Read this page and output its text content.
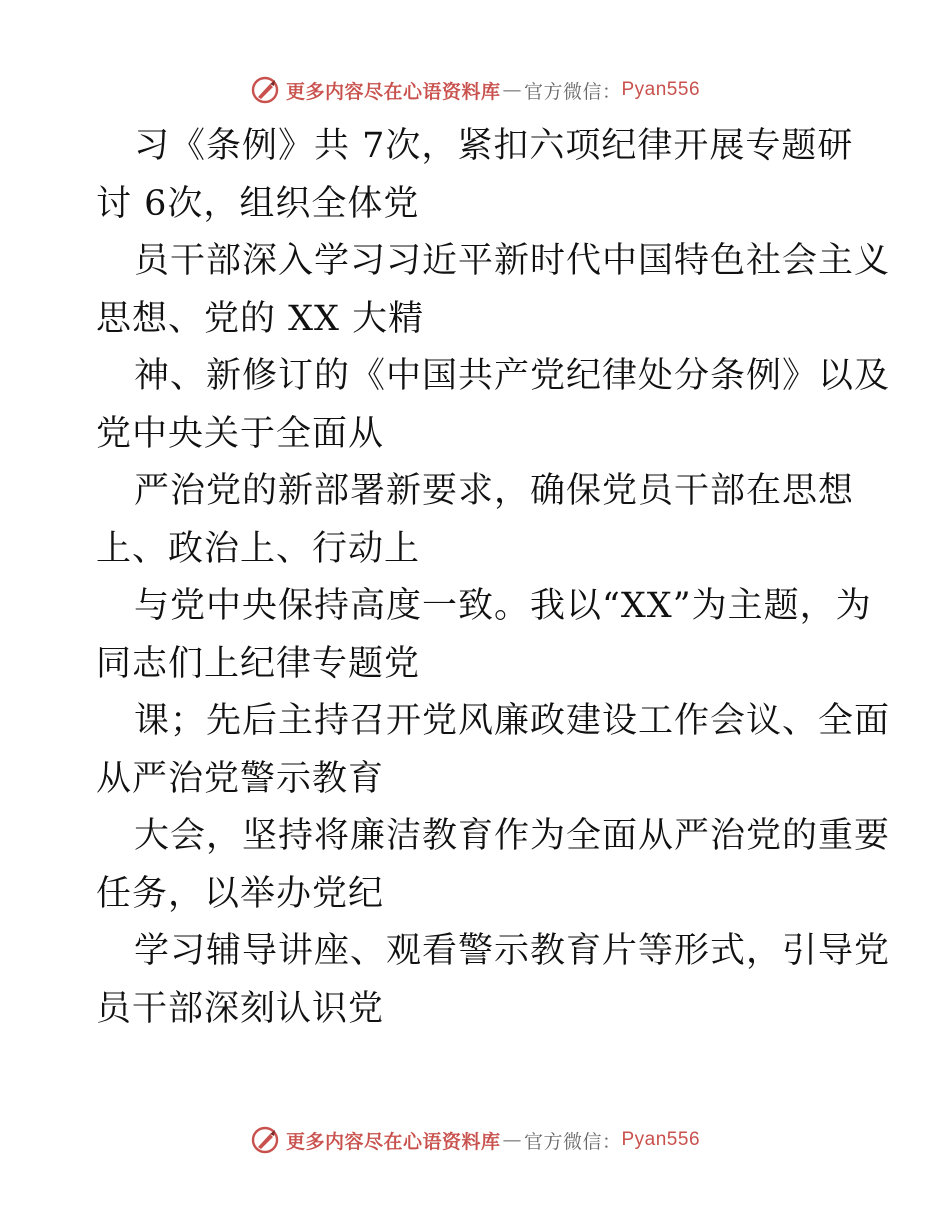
更多内容尽在心语资料库 — 官方微信： Pyan556
习《条例》共 7次，紧扣六项纪律开展专题研
讨 6次，组织全体党
员干部深入学习习近平新时代中国特色社会主义
思想、党的 XX 大精
神、新修订的《中国共产党纪律处分条例》以及
党中央关于全面从
严治党的新部署新要求，确保党员干部在思想
上、政治上、行动上
与党中央保持高度一致。我以“XX”为主题，为
同志们上纪律专题党
课；先后主持召开党风廉政建设工作会议、全面
从严治党警示教育
大会，坚持将廉洁教育作为全面从严治党的重要
任务，以举办党纪
学习辅导讲座、观看警示教育片等形式，引导党
员干部深刻认识党
更多内容尽在心语资料库 — 官方微信： Pyan556
